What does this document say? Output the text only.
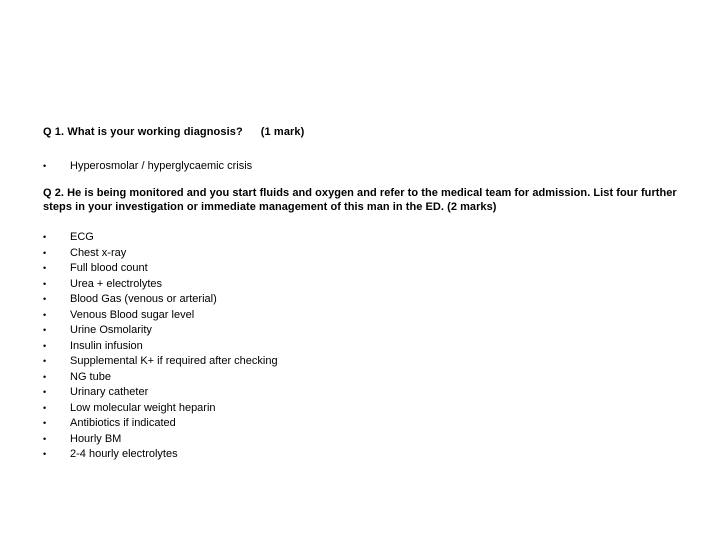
Q 1. What is your working diagnosis? (1 mark)
• Hyperosmolar / hyperglycaemic crisis
Q 2. He is being monitored and you start fluids and oxygen and refer to the medical team for admission. List four further steps in your investigation or immediate management of this man in the ED. (2 marks)
• ECG
• Chest x-ray
• Full blood count
• Urea + electrolytes
• Blood Gas (venous or arterial)
• Venous Blood sugar level
• Urine Osmolarity
• Insulin infusion
• Supplemental K+ if required after checking
• NG tube
• Urinary catheter
• Low molecular weight heparin
• Antibiotics if indicated
• Hourly BM
• 2-4 hourly electrolytes
